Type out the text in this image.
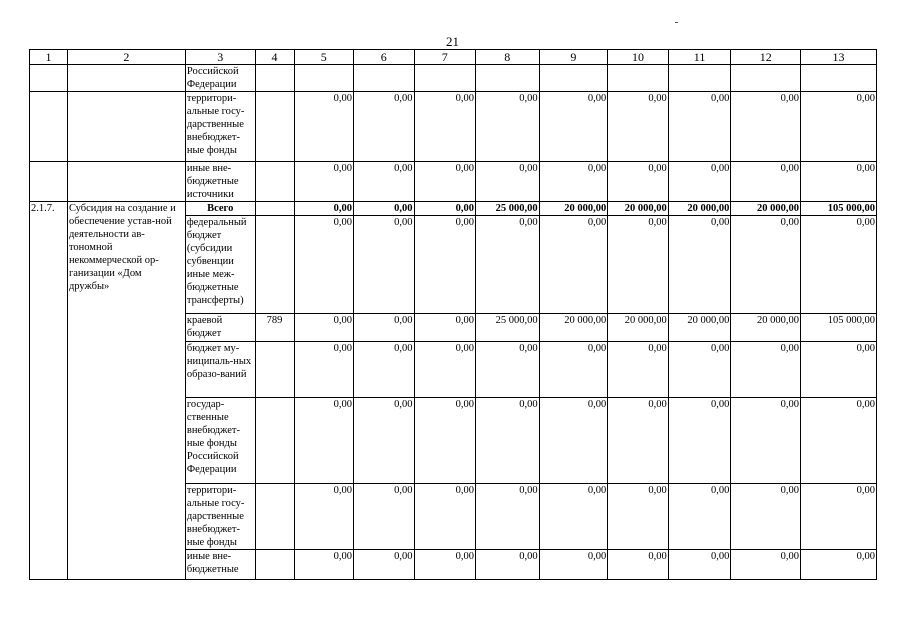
21
1	2	3	4	5	6	7	8	9	10	11	12	13
		Российской Федерации										
		территори-альные госу-дарственные внебюджет-ные фонды		0,00	0,00	0,00	0,00	0,00	0,00	0,00	0,00	0,00
		иные вне-бюджетные источники		0,00	0,00	0,00	0,00	0,00	0,00	0,00	0,00	0,00
2.1.7.	Субсидия на создание и обеспечение устав-ной деятельности ав-тономной некоммерческой ор-ганизации «Дом дружбы»	Всего		0,00	0,00	0,00	25 000,00	20 000,00	20 000,00	20 000,00	20 000,00	105 000,00
		федеральный бюджет (субсидии субвенции иные меж-бюджетные трансферты)		0,00	0,00	0,00	0,00	0,00	0,00	0,00	0,00	0,00
		краевой бюджет	789	0,00	0,00	0,00	25 000,00	20 000,00	20 000,00	20 000,00	20 000,00	105 000,00
		бюджет му-ниципаль-ных образо-ваний		0,00	0,00	0,00	0,00	0,00	0,00	0,00	0,00	0,00
		государ-ственные внебюджет-ные фонды Российской Федерации		0,00	0,00	0,00	0,00	0,00	0,00	0,00	0,00	0,00
		территори-альные госу-дарственные внебюджет-ные фонды		0,00	0,00	0,00	0,00	0,00	0,00	0,00	0,00	0,00
		иные вне-бюджетные		0,00	0,00	0,00	0,00	0,00	0,00	0,00	0,00	0,00
